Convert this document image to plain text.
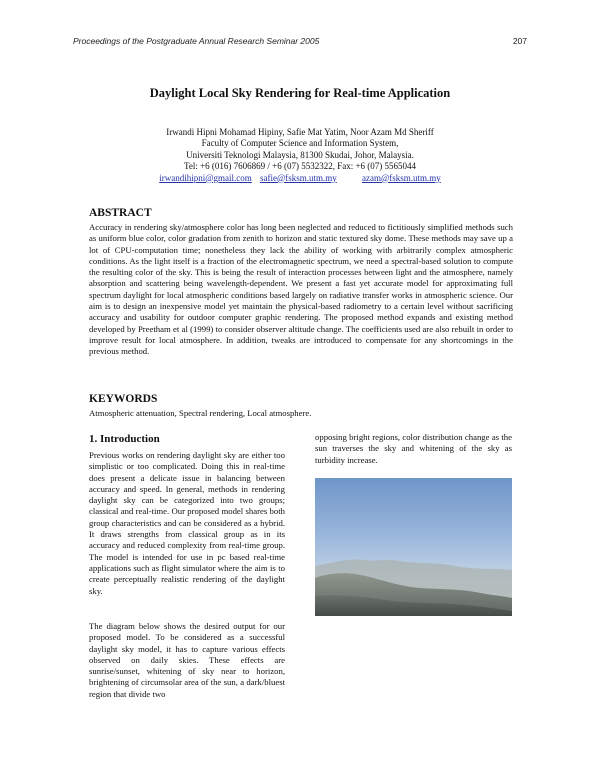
Proceedings of the Postgraduate Annual Research Seminar 2005	207
Daylight Local Sky Rendering for Real-time Application
Irwandi Hipni Mohamad Hipiny, Safie Mat Yatim, Noor Azam Md Sheriff
Faculty of Computer Science and Information System,
Universiti Teknologi Malaysia, 81300 Skudai, Johor, Malaysia.
Tel: +6 (016) 7606869 / +6 (07) 5532322, Fax: +6 (07) 5565044
irwandihipni@gmail.com safie@fsksm.utm.my	azam@fsksm.utm.my
ABSTRACT
Accuracy in rendering sky/atmosphere color has long been neglected and reduced to fictitiously simplified methods such as uniform blue color, color gradation from zenith to horizon and static textured sky dome. These methods may save up a lot of CPU-computation time; nonetheless they lack the ability of working with arbitrarily complex atmospheric conditions. As the light itself is a fraction of the electromagnetic spectrum, we need a spectral-based solution to compute the resulting color of the sky. This is being the result of interaction processes between light and the atmosphere, namely absorption and scattering being wavelength-dependent. We present a fast yet accurate model for approximating full spectrum daylight for local atmospheric conditions based largely on radiative transfer works in atmospheric science. Our aim is to design an inexpensive model yet maintain the physical-based radiometry to a certain level without sacrificing accuracy and usability for outdoor computer graphic rendering. The proposed method expands and existing method developed by Preetham et al (1999) to consider observer altitude change. The coefficients used are also rebuilt in order to improve result for local atmosphere. In addition, tweaks are introduced to compensate for any shortcomings in the previous method.
KEYWORDS
Atmospheric attenuation, Spectral rendering, Local atmosphere.
1. Introduction
Previous works on rendering daylight sky are either too simplistic or too complicated. Doing this in real-time does present a delicate issue in balancing between accuracy and speed. In general, methods in rendering daylight sky can be categorized into two groups; classical and real-time. Our proposed model shares both group characteristics and can be considered as a hybrid. It draws strengths from classical group as in its accuracy and reduced complexity from real-time group. The model is intended for use in pc based real-time applications such as flight simulator where the aim is to create perceptually realistic rendering of the daylight sky.
The diagram below shows the desired output for our proposed model. To be considered as a successful daylight sky model, it has to capture various effects observed on daily skies. These effects are sunrise/sunset, whitening of sky near to horizon, brightening of circumsolar area of the sun, a dark/bluest region that divide two
opposing bright regions, color distribution change as the sun traverses the sky and whitening of the sky as turbidity increase.
